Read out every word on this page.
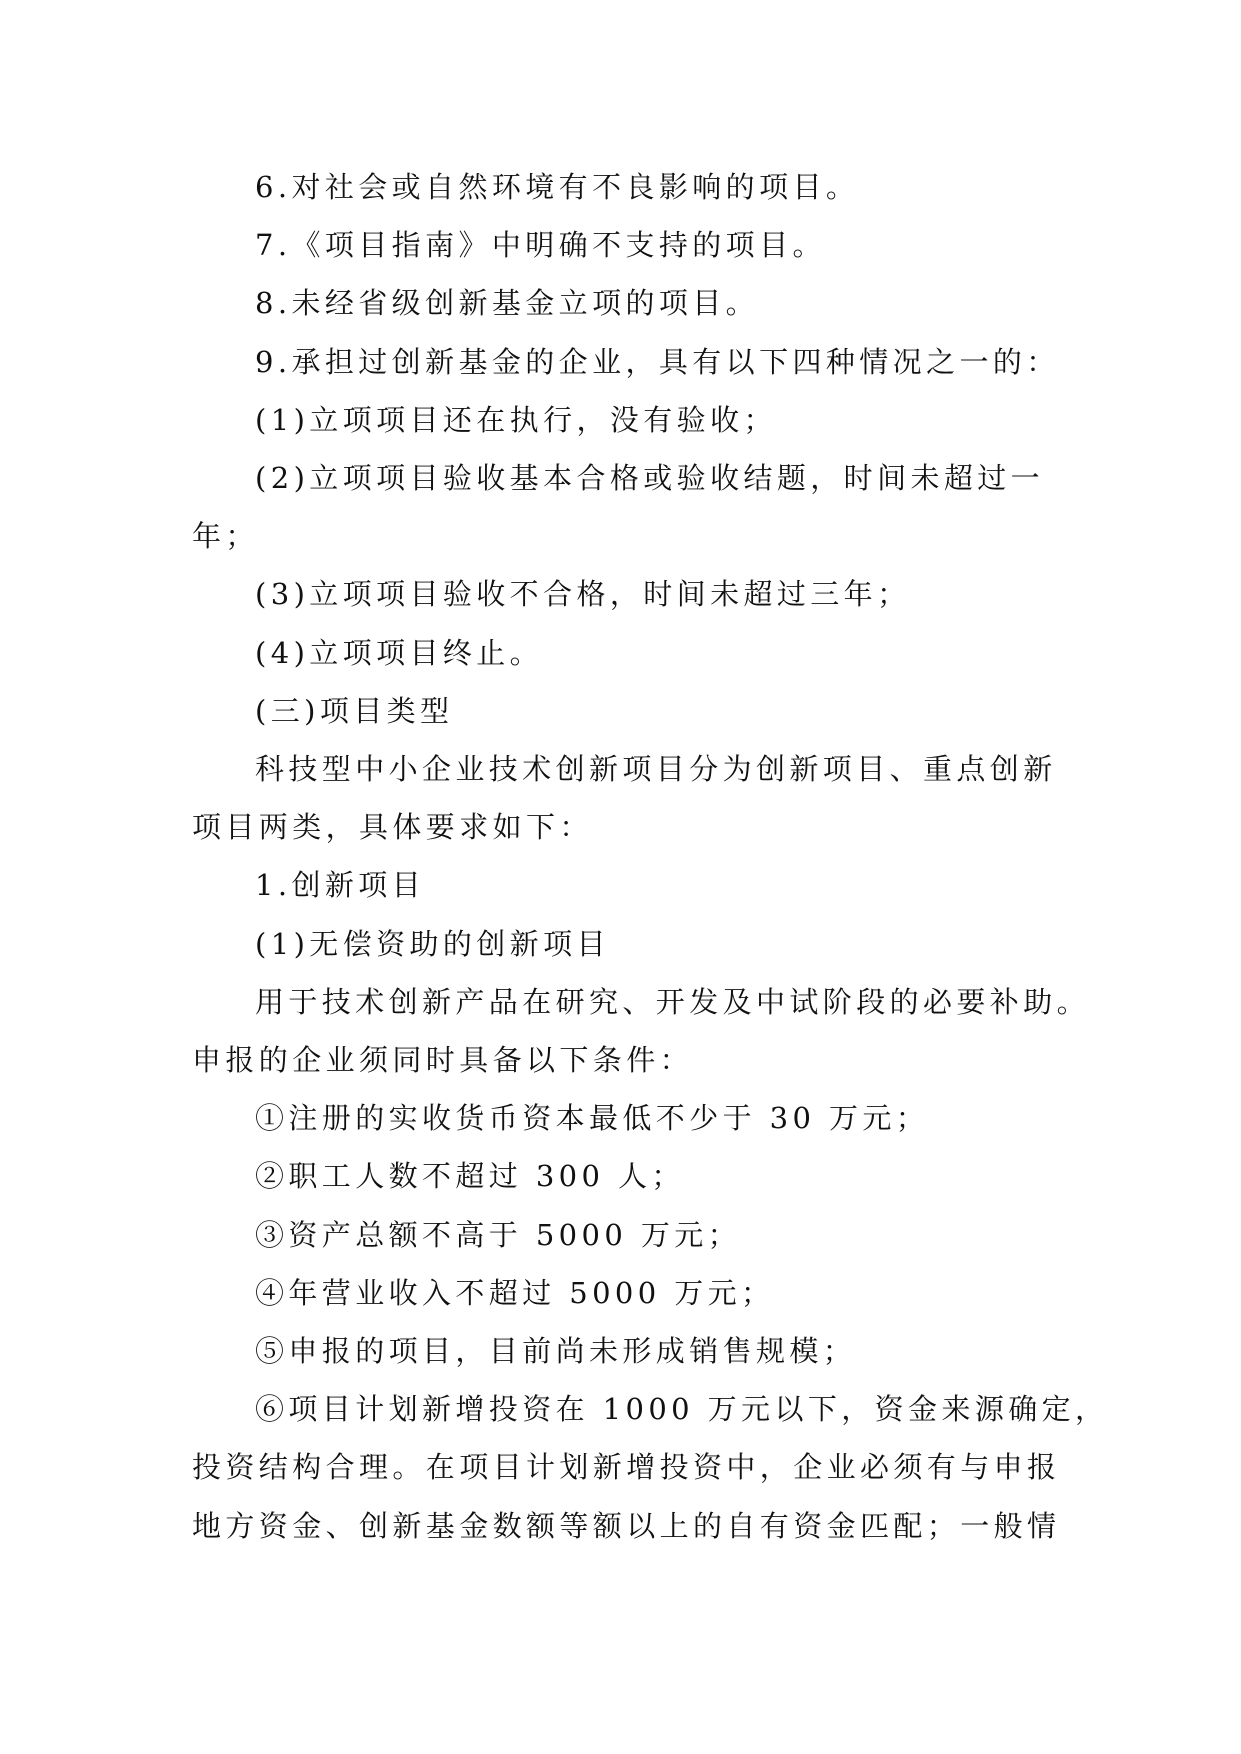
6.对社会或自然环境有不良影响的项目。

7.《项目指南》中明确不支持的项目。

8.未经省级创新基金立项的项目。

9.承担过创新基金的企业，具有以下四种情况之一的：

(1)立项项目还在执行，没有验收；

(2)立项项目验收基本合格或验收结题，时间未超过一

年；

(3)立项项目验收不合格，时间未超过三年；

(4)立项项目终止。

(三)项目类型

科技型中小企业技术创新项目分为创新项目、重点创新

项目两类，具体要求如下：

1.创新项目

(1)无偿资助的创新项目

用于技术创新产品在研究、开发及中试阶段的必要补助。

申报的企业须同时具备以下条件：

①注册的实收货币资本最低不少于 30 万元；

②职工人数不超过 300 人；

③资产总额不高于 5000 万元；

④年营业收入不超过 5000 万元；

⑤申报的项目，目前尚未形成销售规模；

⑥项目计划新增投资在 1000 万元以下，资金来源确定，

投资结构合理。在项目计划新增投资中，企业必须有与申报

地方资金、创新基金数额等额以上的自有资金匹配；一般情
